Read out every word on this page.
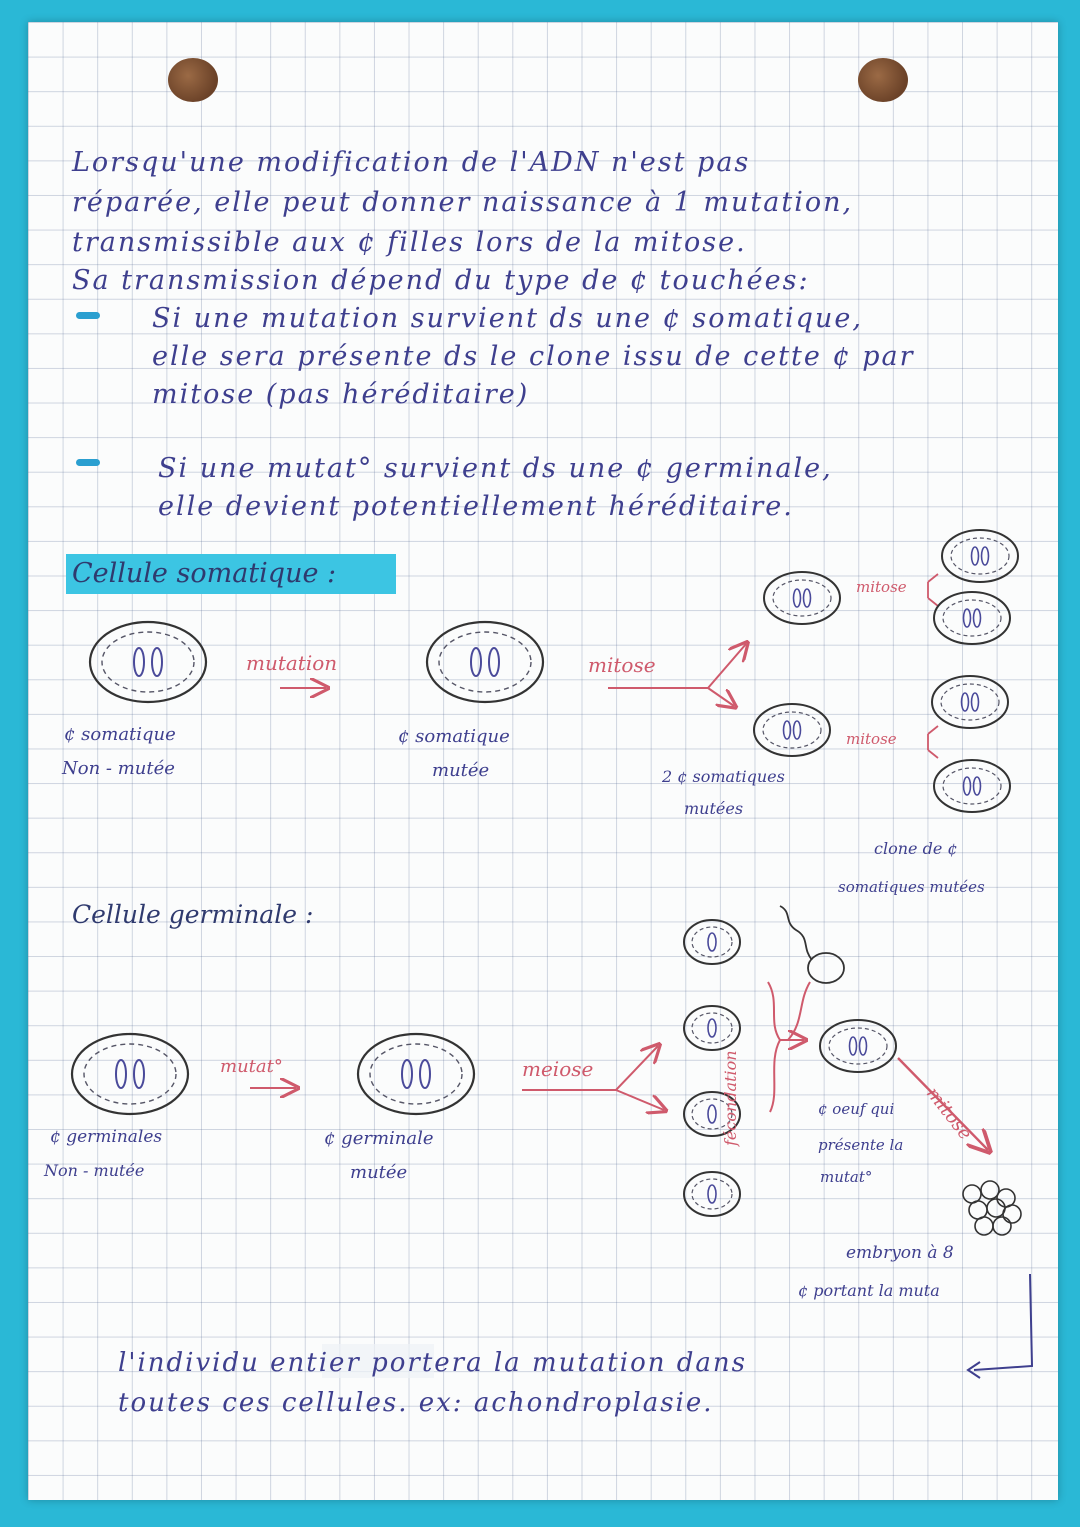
Lorsqu'une modification de l'ADN n'est pas
réparée, elle peut donner naissance à 1 mutation,
transmissible aux ¢ filles lors de la mitose.
Sa transmission dépend du type de ¢ touchées:
Si une mutation survient ds une ¢ somatique,
elle sera présente ds le clone issu de cette ¢ par
mitose (pas héréditaire)
Si une mutat° survient ds une ¢ germinale,
elle devient potentiellement héréditaire.
Cellule somatique :
mutation	mitose
mitose
mitose
¢ somatique
Non - mutée
¢ somatique
mutée	2 ¢ somatiques
mutées
clone de ¢
somatiques mutées
Cellule germinale :
mutat°	meiose	fécondation	mitose
¢ germinales
Non - mutée
¢ germinale
mutée
¢ oeuf qui
présente la
mutat°
embryon à 8
¢ portant la muta
l'individu entier portera la mutation dans
toutes ces cellules. ex: achondroplasie.
